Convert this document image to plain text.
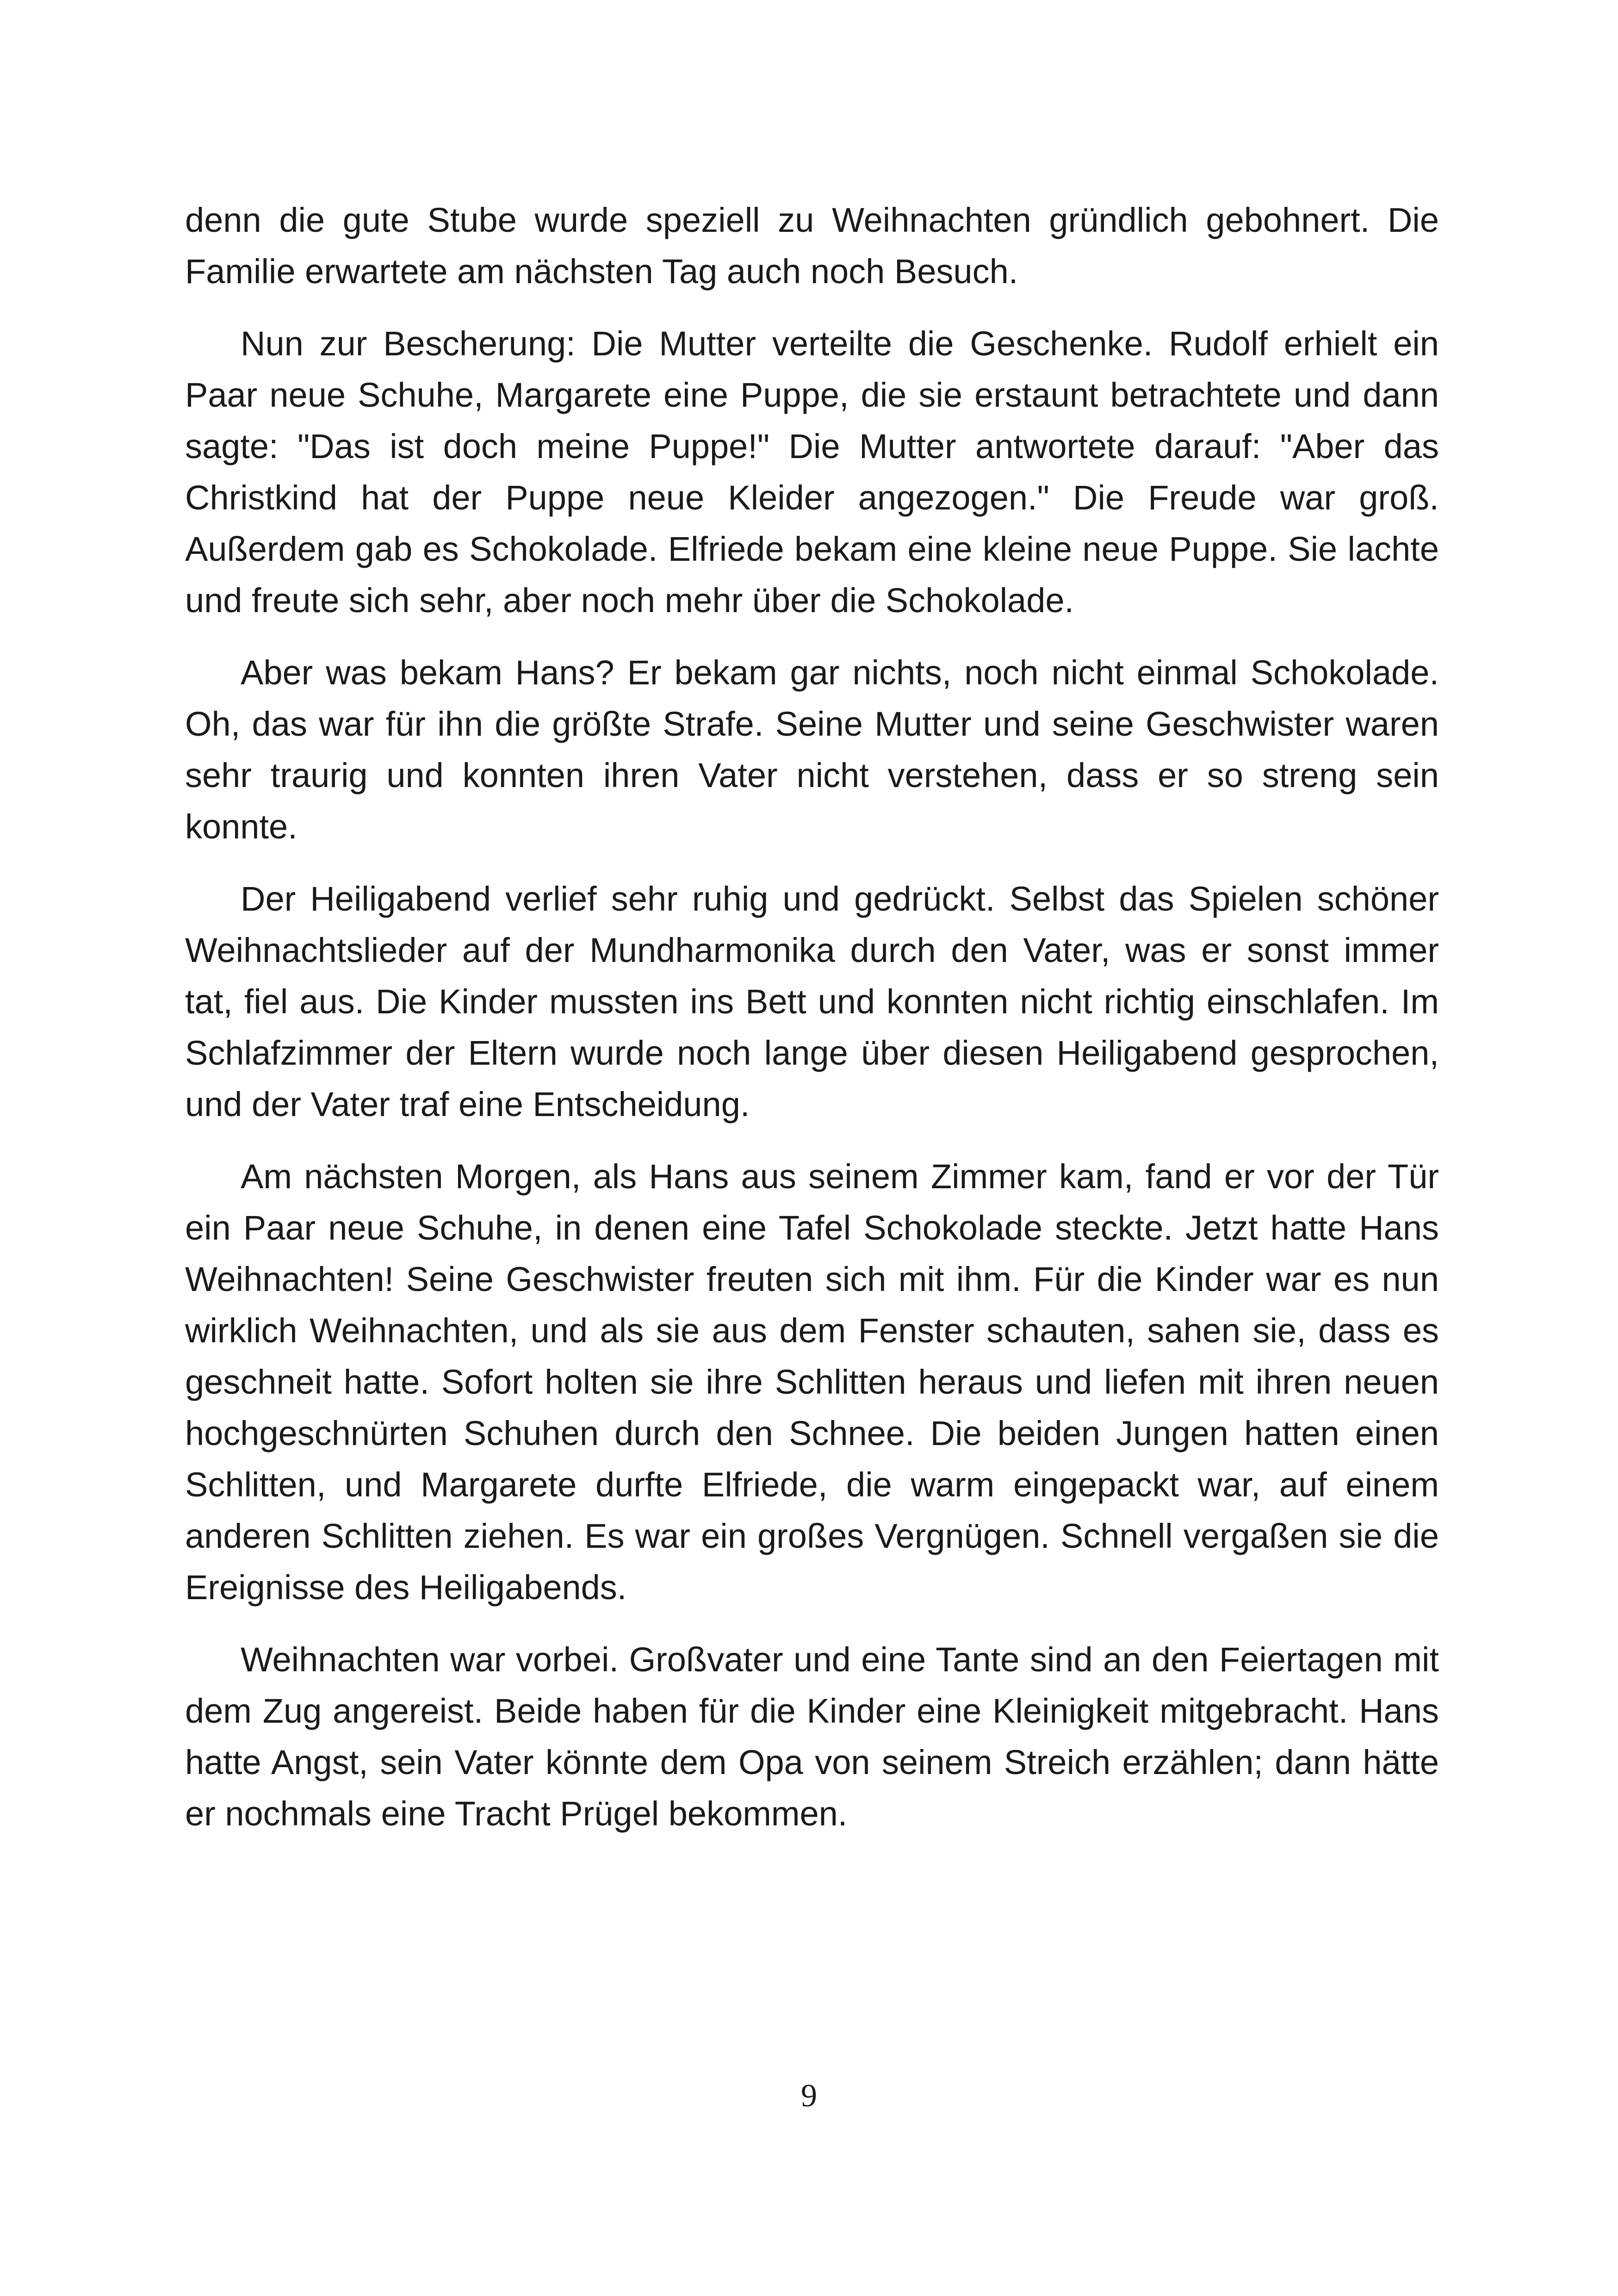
denn die gute Stube wurde speziell zu Weihnachten gründlich gebohnert. Die Familie erwartete am nächsten Tag auch noch Besuch.

Nun zur Bescherung: Die Mutter verteilte die Geschenke. Rudolf erhielt ein Paar neue Schuhe, Margarete eine Puppe, die sie erstaunt betrachtete und dann sagte: "Das ist doch meine Puppe!" Die Mutter antwortete darauf: "Aber das Christkind hat der Puppe neue Kleider angezogen." Die Freude war groß. Außerdem gab es Schokolade. Elfriede bekam eine kleine neue Puppe. Sie lachte und freute sich sehr, aber noch mehr über die Schokolade.

Aber was bekam Hans? Er bekam gar nichts, noch nicht einmal Schokolade. Oh, das war für ihn die größte Strafe. Seine Mutter und seine Geschwister waren sehr traurig und konnten ihren Vater nicht verstehen, dass er so streng sein konnte.

Der Heiligabend verlief sehr ruhig und gedrückt. Selbst das Spielen schöner Weihnachtslieder auf der Mundharmonika durch den Vater, was er sonst immer tat, fiel aus. Die Kinder mussten ins Bett und konnten nicht richtig einschlafen. Im Schlafzimmer der Eltern wurde noch lange über diesen Heiligabend gesprochen, und der Vater traf eine Entscheidung.

Am nächsten Morgen, als Hans aus seinem Zimmer kam, fand er vor der Tür ein Paar neue Schuhe, in denen eine Tafel Schokolade steckte. Jetzt hatte Hans Weihnachten! Seine Geschwister freuten sich mit ihm. Für die Kinder war es nun wirklich Weihnachten, und als sie aus dem Fenster schauten, sahen sie, dass es geschneit hatte. Sofort holten sie ihre Schlitten heraus und liefen mit ihren neuen hochgeschnürten Schuhen durch den Schnee. Die beiden Jungen hatten einen Schlitten, und Margarete durfte Elfriede, die warm eingepackt war, auf einem anderen Schlitten ziehen. Es war ein großes Vergnügen. Schnell vergaßen sie die Ereignisse des Heiligabends.

Weihnachten war vorbei. Großvater und eine Tante sind an den Feiertagen mit dem Zug angereist. Beide haben für die Kinder eine Kleinigkeit mitgebracht. Hans hatte Angst, sein Vater könnte dem Opa von seinem Streich erzählen; dann hätte er nochmals eine Tracht Prügel bekommen.

9
